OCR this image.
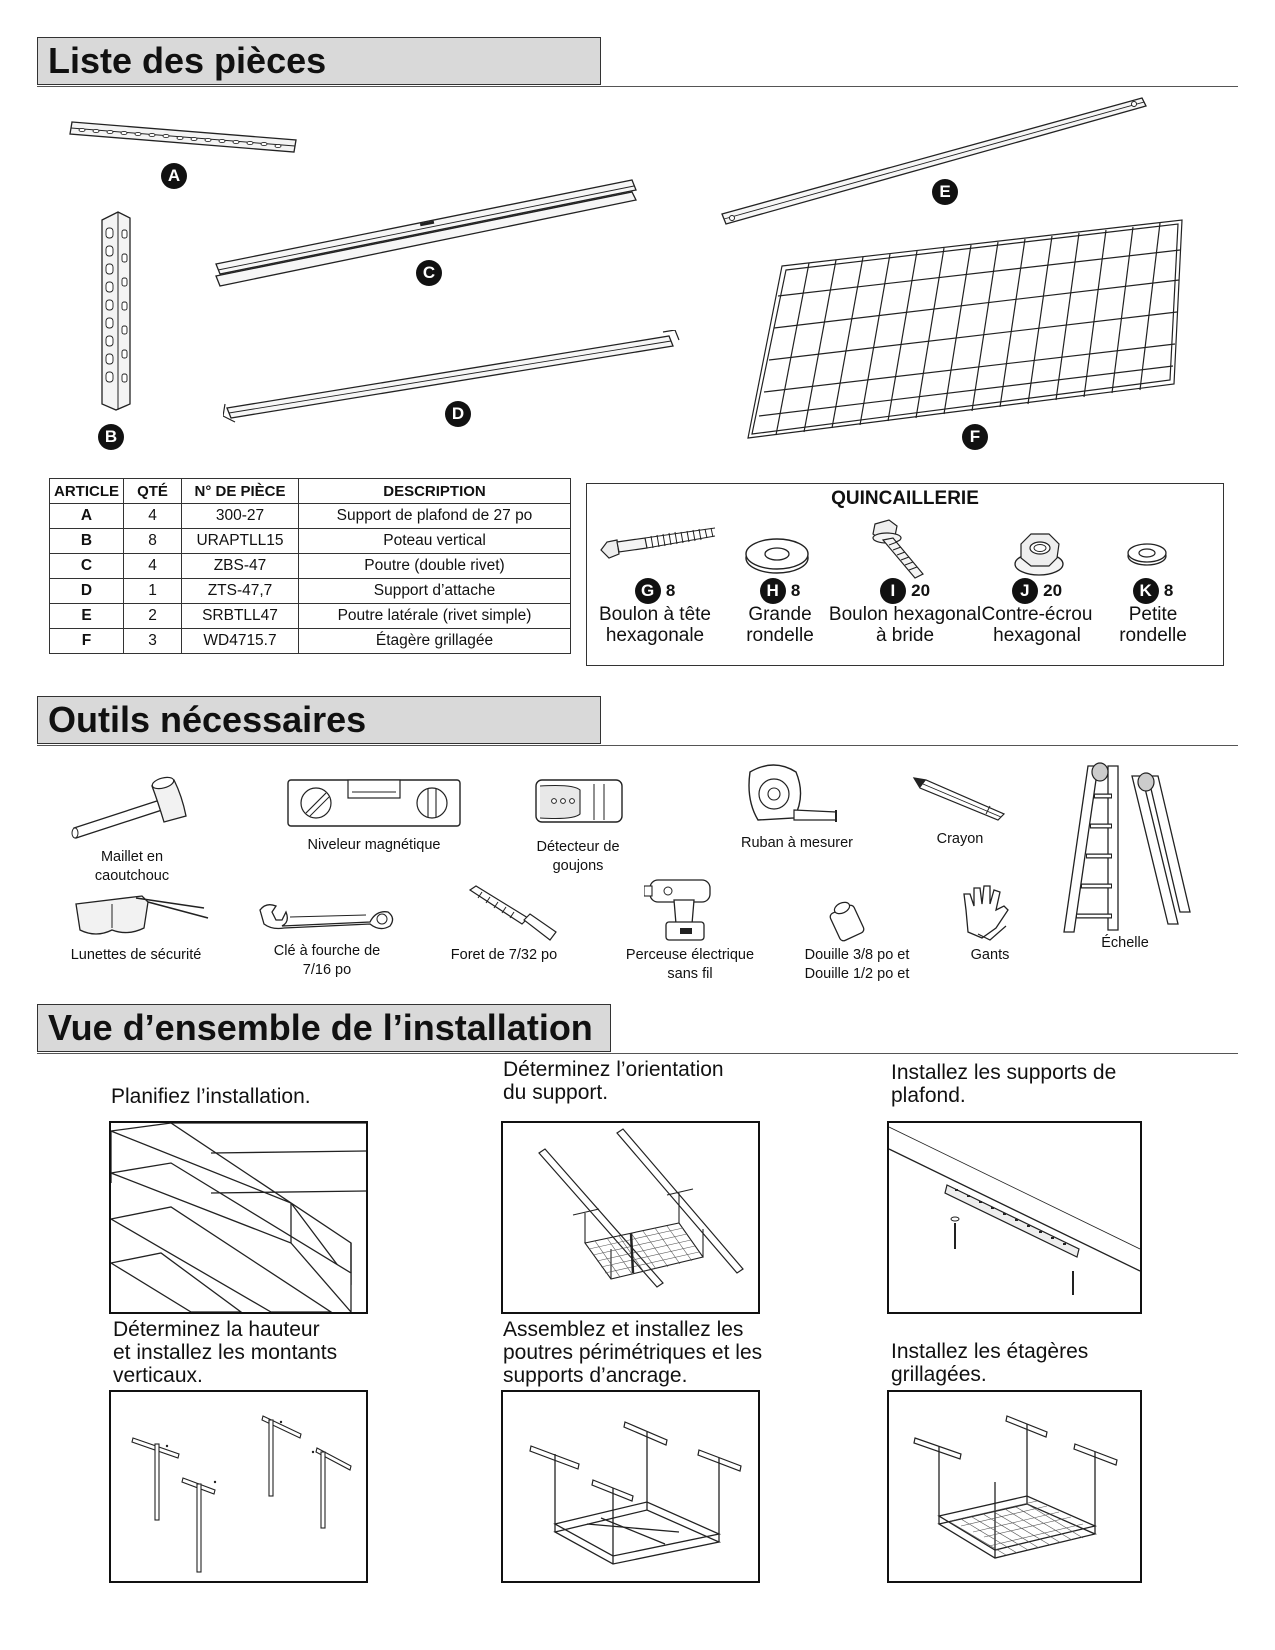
Liste des pièces
A
B
C
D
E
F
ARTICLE	QTÉ	N° DE PIÈCE	DESCRIPTION
A	4	300-27	Support de plafond de 27 po
B	8	URAPTLL15	Poteau vertical
C	4	ZBS-47	Poutre (double rivet)
D	1	ZTS-47,7	Support d’attache
E	2	SRBTLL47	Poutre latérale (rivet simple)
F	3	WD4715.7	Étagère grillagée
QUINCAILLERIE
G 8
Boulon à tête
hexagonale
H 8
Grande
rondelle
I 20
Boulon hexagonal
à bride
J 20
Contre-écrou
hexagonal
K 8
Petite
rondelle
Outils nécessaires
Maillet en
caoutchouc
Niveleur magnétique	Détecteur de
goujons
Ruban à mesurer	Crayon
Échelle
Lunettes de sécurité	Clé à fourche de
7/16 po
Foret de 7/32 po	Perceuse électrique
sans fil
Douille 3/8 po et
Douille 1/2 po et
Gants
Vue d’ensemble de l’installation
Planifiez l’installation.
Déterminez l’orientation
du support.
Installez les supports de
plafond.
Déterminez la hauteur
et installez les montants
verticaux.
Assemblez et installez les
poutres périmétriques et les
supports d’ancrage.
Installez les étagères
grillagées.
